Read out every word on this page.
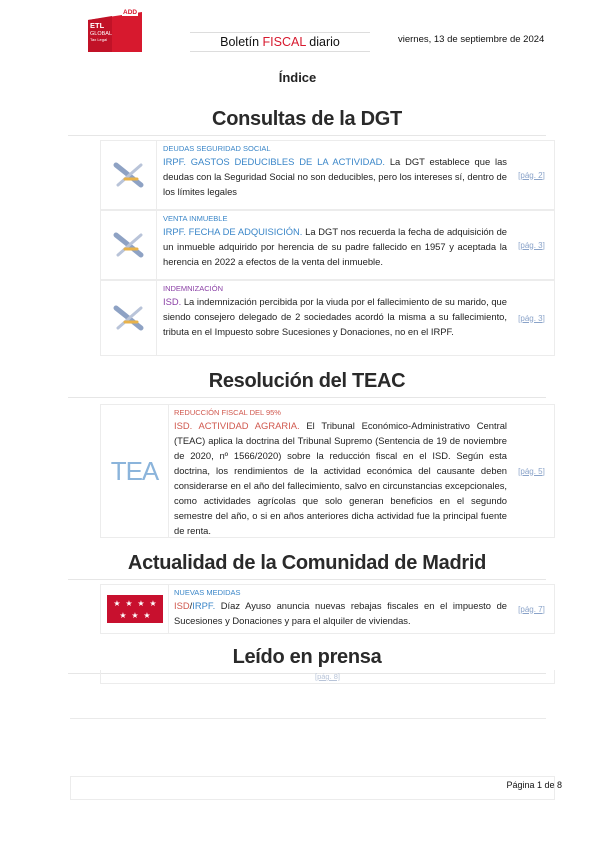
ETL
GLOBAL
Tax Legal
ADD
Boletín FISCAL diario	viernes, 13 de septiembre de 2024
Índice
Consultas de la DGT
DEUDAS SEGURIDAD SOCIAL
IRPF. GASTOS DEDUCIBLES DE LA ACTIVIDAD. La DGT establece que las deudas con la Seguridad Social no son deducibles, pero los intereses sí, dentro de los límites legales
[pág. 2]
VENTA INMUEBLE
IRPF. FECHA DE ADQUISICIÓN. La DGT nos recuerda la fecha de adquisición de un inmueble adquirido por herencia de su padre fallecido en 1957 y aceptada la herencia en 2022 a efectos de la venta del inmueble.
[pág. 3]
INDEMNIZACIÓN
ISD. La indemnización percibida por la viuda por el fallecimiento de su marido, que siendo consejero delegado de 2 sociedades acordó la misma a su fallecimiento, tributa en el Impuesto sobre Sucesiones y Donaciones, no en el IRPF.
[pág. 3]
Resolución del TEAC
TEA
REDUCCIÓN FISCAL DEL 95%
ISD. ACTIVIDAD AGRARIA. El Tribunal Económico-Administrativo Central (TEAC) aplica la doctrina del Tribunal Supremo (Sentencia de 19 de noviembre de 2020, nº 1566/2020) sobre la reducción fiscal en el ISD. Según esta doctrina, los rendimientos de la actividad económica del causante deben considerarse en el año del fallecimiento, salvo en circunstancias excepcionales, como actividades agrícolas que solo generan beneficios en el segundo semestre del año, o si en años anteriores dicha actividad fue la principal fuente de renta.
[pág. 5]
Actualidad de la Comunidad de Madrid
★ ★ ★ ★
★ ★ ★
NUEVAS MEDIDAS
ISD/IRPF. Díaz Ayuso anuncia nuevas rebajas fiscales en el impuesto de Sucesiones y Donaciones y para el alquiler de viviendas.
[pág. 7]
Leído en prensa
[pág. 8]
Página 1 de 8
